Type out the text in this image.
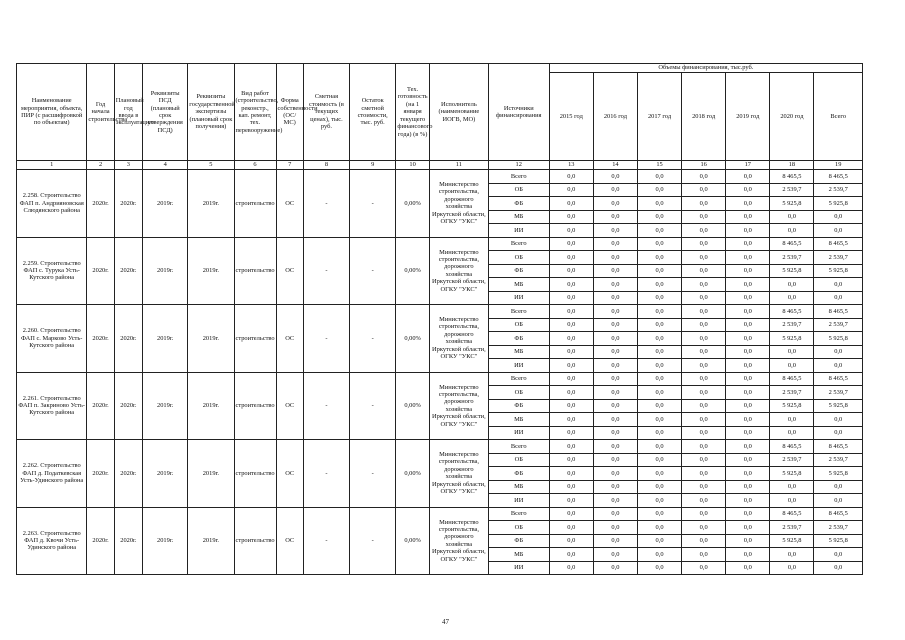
Наименование мероприятия, объекта, ПИР (с расшифровкой по объектам)	Год начала строительства	Плановый год ввода в эксплуатацию	Реквизиты ПСД (плановый срок утверждения ПСД)	Реквизиты государственной экспертизы (плановый срок получения)	Вид работ (строительство, реконстр., кап. ремонт, тех. перевооружение)	Форма собственности (ОС/МС)	Сметная стоимость (в текущих ценах), тыс. руб.	Остаток сметной стоимости, тыс. руб.	Тех. готовность (на 1 января текущего финансового года) (в %)	Исполнитель (наименование ИОГВ, МО)	Источники финансирования	Объемы финансирования, тыс.руб.						
												2015 год	2016 год	2017 год	2018 год	2019 год	2020 год	Всего
1	2	3	4	5	6	7	8	9	10	11	12	13	14	15	16	17	18	19
2.258. Строительство ФАП п. Андрияновская Слюдянского района	2020г.	2020г.	2019г.	2019г.	строительство	ОС	-	-	0,00%	Министерство строительства, дорожного хозяйства Иркутской области, ОГКУ "УКС"	Всего	0,0	0,0	0,0	0,0	0,0	8 465,5	8 465,5
											ОБ	0,0	0,0	0,0	0,0	0,0	2 539,7	2 539,7
											ФБ	0,0	0,0	0,0	0,0	0,0	5 925,8	5 925,8
											МБ	0,0	0,0	0,0	0,0	0,0	0,0	0,0
											ИИ	0,0	0,0	0,0	0,0	0,0	0,0	0,0
2.259. Строительство ФАП с. Турука Усть-Кутского района	2020г.	2020г.	2019г.	2019г.	строительство	ОС	-	-	0,00%	Министерство строительства, дорожного хозяйства Иркутской области, ОГКУ "УКС"	Всего	0,0	0,0	0,0	0,0	0,0	8 465,5	8 465,5
											ОБ	0,0	0,0	0,0	0,0	0,0	2 539,7	2 539,7
											ФБ	0,0	0,0	0,0	0,0	0,0	5 925,8	5 925,8
											МБ	0,0	0,0	0,0	0,0	0,0	0,0	0,0
											ИИ	0,0	0,0	0,0	0,0	0,0	0,0	0,0
2.260. Строительство ФАП с. Марково Усть-Кутского района	2020г.	2020г.	2019г.	2019г.	строительство	ОС	-	-	0,00%	Министерство строительства, дорожного хозяйства Иркутской области, ОГКУ "УКС"	Всего	0,0	0,0	0,0	0,0	0,0	8 465,5	8 465,5
											ОБ	0,0	0,0	0,0	0,0	0,0	2 539,7	2 539,7
											ФБ	0,0	0,0	0,0	0,0	0,0	5 925,8	5 925,8
											МБ	0,0	0,0	0,0	0,0	0,0	0,0	0,0
											ИИ	0,0	0,0	0,0	0,0	0,0	0,0	0,0
2.261. Строительство ФАП п. Закриново Усть-Кутского района	2020г.	2020г.	2019г.	2019г.	строительство	ОС	-	-	0,00%	Министерство строительства, дорожного хозяйства Иркутской области, ОГКУ "УКС"	Всего	0,0	0,0	0,0	0,0	0,0	8 465,5	8 465,5
											ОБ	0,0	0,0	0,0	0,0	0,0	2 539,7	2 539,7
											ФБ	0,0	0,0	0,0	0,0	0,0	5 925,8	5 925,8
											МБ	0,0	0,0	0,0	0,0	0,0	0,0	0,0
											ИИ	0,0	0,0	0,0	0,0	0,0	0,0	0,0
2.262. Строительство ФАП д. Податкевская Усть-Удинского района	2020г.	2020г.	2019г.	2019г.	строительство	ОС	-	-	0,00%	Министерство строительства, дорожного хозяйства Иркутской области, ОГКУ "УКС"	Всего	0,0	0,0	0,0	0,0	0,0	8 465,5	8 465,5
											ОБ	0,0	0,0	0,0	0,0	0,0	2 539,7	2 539,7
											ФБ	0,0	0,0	0,0	0,0	0,0	5 925,8	5 925,8
											МБ	0,0	0,0	0,0	0,0	0,0	0,0	0,0
											ИИ	0,0	0,0	0,0	0,0	0,0	0,0	0,0
2.263. Строительство ФАП д. Квочи Усть-Удинского района	2020г.	2020г.	2019г.	2019г.	строительство	ОС	-	-	0,00%	Министерство строительства, дорожного хозяйства Иркутской области, ОГКУ "УКС"	Всего	0,0	0,0	0,0	0,0	0,0	8 465,5	8 465,5
											ОБ	0,0	0,0	0,0	0,0	0,0	2 539,7	2 539,7
											ФБ	0,0	0,0	0,0	0,0	0,0	5 925,8	5 925,8
											МБ	0,0	0,0	0,0	0,0	0,0	0,0	0,0
											ИИ	0,0	0,0	0,0	0,0	0,0	0,0	0,0
47
